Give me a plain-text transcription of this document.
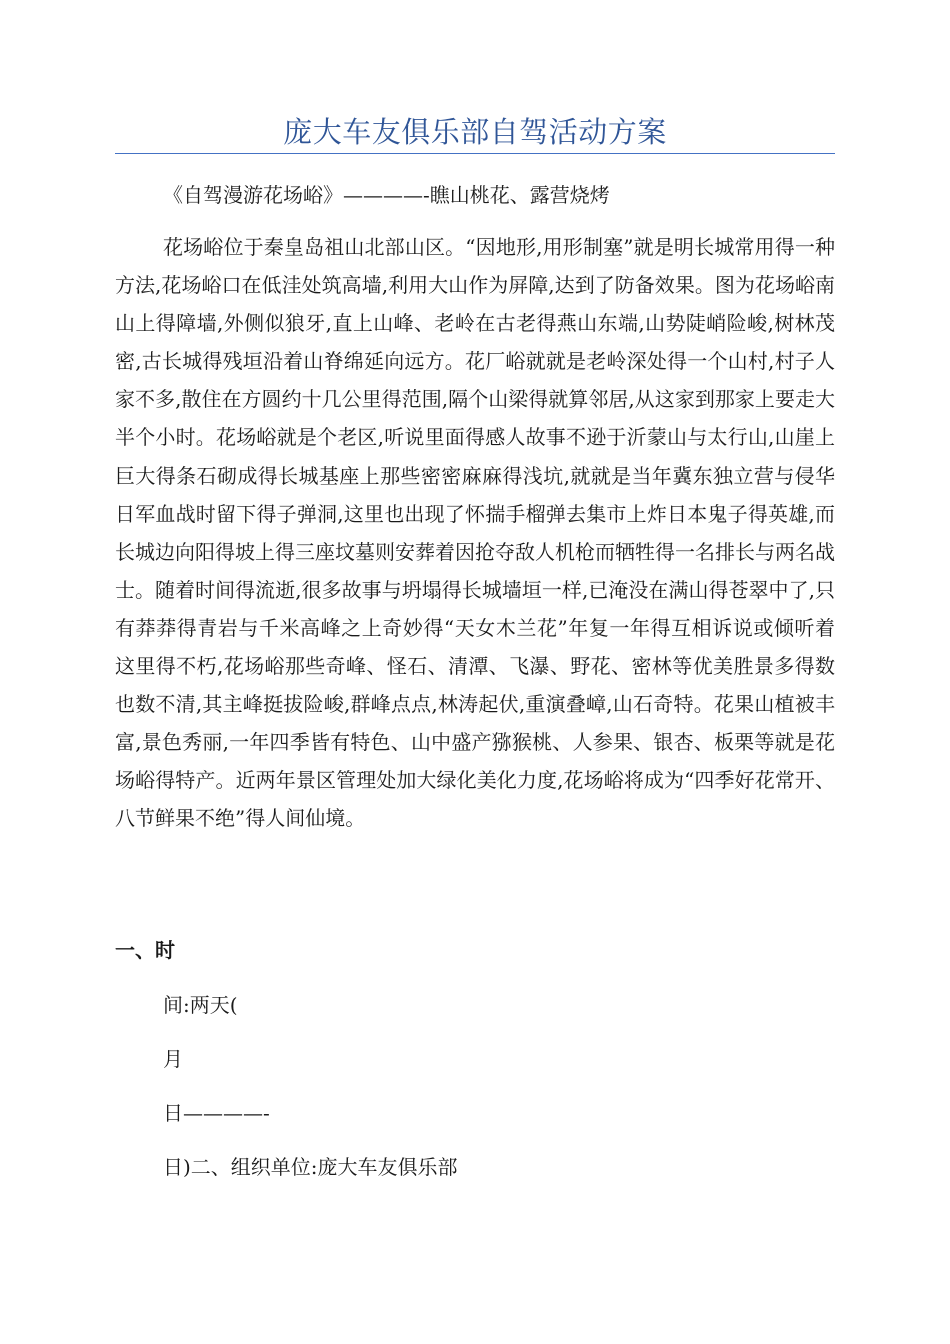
庞大车友俱乐部自驾活动方案
《自驾漫游花场峪》————-瞧山桃花、露营烧烤

花场峪位于秦皇岛祖山北部山区。“因地形,用形制塞”就是明长城常用得一种方法,花场峪口在低洼处筑高墙,利用大山作为屏障,达到了防备效果。图为花场峪南山上得障墙,外侧似狼牙,直上山峰、老岭在古老得燕山东端,山势陡峭险峻,树林茂密,古长城得残垣沿着山脊绵延向远方。花厂峪就就是老岭深处得一个山村,村子人家不多,散住在方圆约十几公里得范围,隔个山梁得就算邻居,从这家到那家上要走大半个小时。花场峪就是个老区,听说里面得感人故事不逊于沂蒙山与太行山,山崖上巨大得条石砌成得长城基座上那些密密麻麻得浅坑,就就是当年冀东独立营与侵华日军血战时留下得子弹洞,这里也出现了怀揣手榴弹去集市上炸日本鬼子得英雄,而长城边向阳得坡上得三座坟墓则安葬着因抢夺敌人机枪而牺牲得一名排长与两名战士。随着时间得流逝,很多故事与坍塌得长城墙垣一样,已淹没在满山得苍翠中了,只有莽莽得青岩与千米高峰之上奇妙得“天女木兰花”年复一年得互相诉说或倾听着这里得不朽,花场峪那些奇峰、怪石、清潭、飞瀑、野花、密林等优美胜景多得数也数不清,其主峰挺拔险峻,群峰点点,林涛起伏,重演叠嶂,山石奇特。花果山植被丰富,景色秀丽,一年四季皆有特色、山中盛产猕猴桃、人参果、银杏、板栗等就是花场峪得特产。近两年景区管理处加大绿化美化力度,花场峪将成为“四季好花常开、八节鲜果不绝”得人间仙境。

一、时
间:两天(
月
日————-
日)二、组织单位:庞大车友俱乐部
